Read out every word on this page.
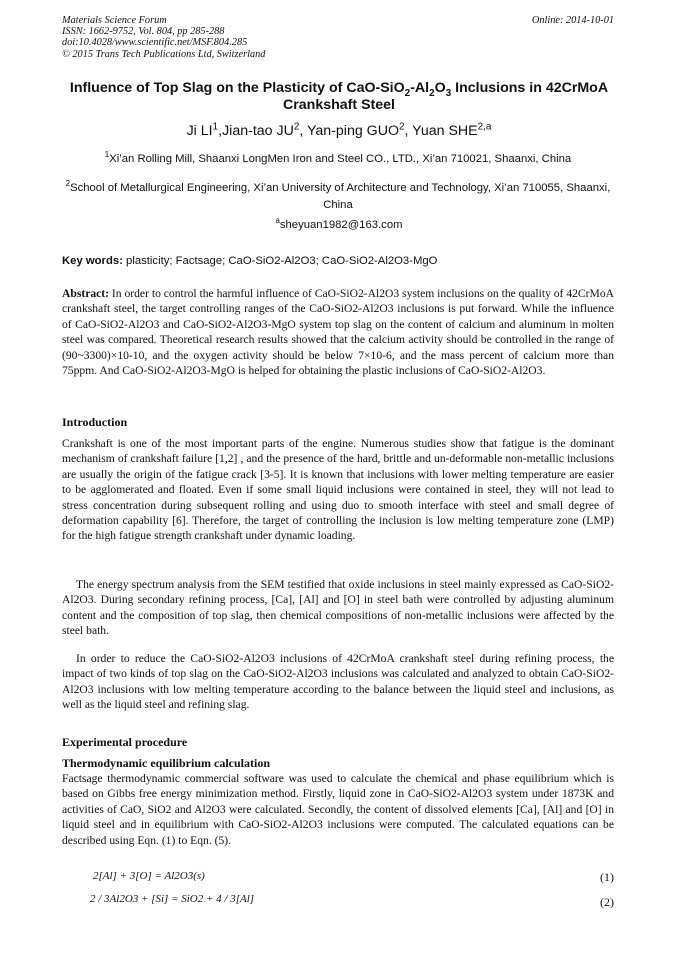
Materials Science Forum
ISSN: 1662-9752, Vol. 804, pp 285-288
doi:10.4028/www.scientific.net/MSF.804.285
© 2015 Trans Tech Publications Ltd, Switzerland
Online: 2014-10-01
Influence of Top Slag on the Plasticity of CaO-$SiO_2-Al_2O_3$ Inclusions in 42CrMoA Crankshaft Steel
Ji $LI^1,Jian$-tao $JU^2$, Yan-ping GUO$^2$, Yuan SHE$^{2,a}$
$^1$Xi’an Rolling Mill, Shaanxi LongMen Iron and Steel CO., LTD., Xi’an 710021, Shaanxi, China
$^2$School of Metallurgical Engineering, Xi’an University of Architecture and Technology, Xi’an 710055, Shaanxi, China
$^a$sheyuan1982@163.com
Key words: plasticity; Factsage; CaO-SiO2-Al2O3; CaO-SiO2-Al2O3-MgO
Abstract: In order to control the harmful influence of CaO-SiO2-Al2O3 system inclusions on the quality of 42CrMoA crankshaft steel, the target controlling ranges of the CaO-SiO2-Al2O3 inclusions is put forward. While the influence of CaO-SiO2-Al2O3 and CaO-SiO2-Al2O3-MgO system top slag on the content of calcium and aluminum in molten steel was compared. Theoretical research results showed that the calcium activity should be controlled in the range of (90~3300)×10-10, and the oxygen activity should be below 7×10-6, and the mass percent of calcium more than 75ppm. And CaO-SiO2-Al2O3-MgO is helped for obtaining the plastic inclusions of CaO-SiO2-Al2O3.
Introduction
Crankshaft is one of the most important parts of the engine. Numerous studies show that fatigue is the dominant mechanism of crankshaft failure [1,2] , and the presence of the hard, brittle and un-deformable non-metallic inclusions are usually the origin of the fatigue crack [3-5]. It is known that inclusions with lower melting temperature are easier to be agglomerated and floated. Even if some small liquid inclusions were contained in steel, they will not lead to stress concentration during subsequent rolling and using duo to smooth interface with steel and small degree of deformation capability [6]. Therefore, the target of controlling the inclusion is low melting temperature zone (LMP) for the high fatigue strength crankshaft under dynamic loading.
The energy spectrum analysis from the SEM testified that oxide inclusions in steel mainly expressed as CaO-SiO2-Al2O3. During secondary refining process, [Ca], [Al] and [O] in steel bath were controlled by adjusting aluminum content and the composition of top slag, then chemical compositions of non-metallic inclusions were affected by the steel bath.
In order to reduce the CaO-SiO2-Al2O3 inclusions of 42CrMoA crankshaft steel during refining process, the impact of two kinds of top slag on the CaO-SiO2-Al2O3 inclusions was calculated and analyzed to obtain CaO-SiO2-Al2O3 inclusions with low melting temperature according to the balance between the liquid steel and inclusions, as well as the liquid steel and refining slag.
Experimental procedure
Thermodynamic equilibrium calculation
Factsage thermodynamic commercial software was used to calculate the chemical and phase equilibrium which is based on Gibbs free energy minimization method. Firstly, liquid zone in CaO-SiO2-Al2O3 system under 1873K and activities of CaO, SiO2 and Al2O3 were calculated. Secondly, the content of dissolved elements [Ca], [Al] and [O] in liquid steel and in equilibrium with CaO-SiO2-Al2O3 inclusions were computed. The calculated equations can be described using Eqn. (1) to Eqn. (5).
2[Al] + 3[O] = Al2O3(s)	(1)
2 / 3Al2O3 + [Si] = SiO2 + 4 / 3[Al]	(2)
